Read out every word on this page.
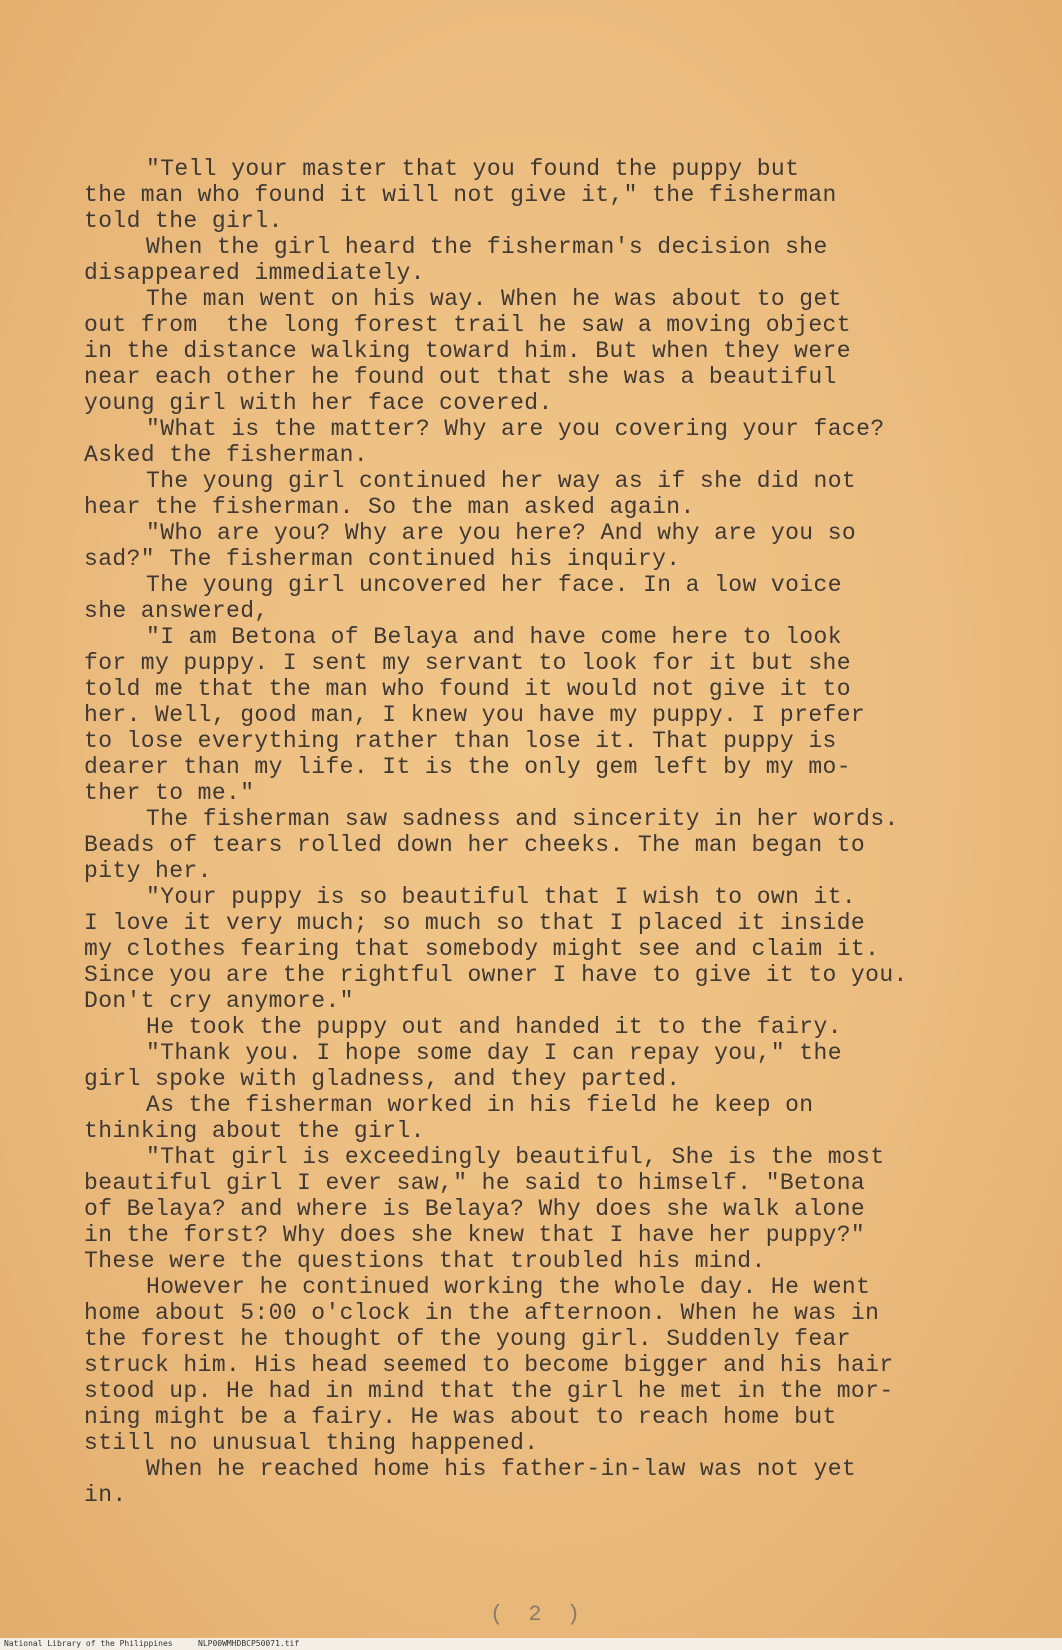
"Tell your master that you found the puppy but
the man who found it will not give it," the fisherman
told the girl.
When the girl heard the fisherman's decision she
disappeared immediately.
The man went on his way. When he was about to get
out from  the long forest trail he saw a moving object
in the distance walking toward him. But when they were
near each other he found out that she was a beautiful
young girl with her face covered.
"What is the matter? Why are you covering your face?
Asked the fisherman.
The young girl continued her way as if she did not
hear the fisherman. So the man asked again.
"Who are you? Why are you here? And why are you so
sad?" The fisherman continued his inquiry.
The young girl uncovered her face. In a low voice
she answered,
"I am Betona of Belaya and have come here to look
for my puppy. I sent my servant to look for it but she
told me that the man who found it would not give it to
her. Well, good man, I knew you have my puppy. I prefer
to lose everything rather than lose it. That puppy is
dearer than my life. It is the only gem left by my mo-
ther to me."
The fisherman saw sadness and sincerity in her words.
Beads of tears rolled down her cheeks. The man began to
pity her.
"Your puppy is so beautiful that I wish to own it.
I love it very much; so much so that I placed it inside
my clothes fearing that somebody might see and claim it.
Since you are the rightful owner I have to give it to you.
Don't cry anymore."
He took the puppy out and handed it to the fairy.
"Thank you. I hope some day I can repay you," the
girl spoke with gladness, and they parted.
As the fisherman worked in his field he keep on
thinking about the girl.
"That girl is exceedingly beautiful, She is the most
beautiful girl I ever saw," he said to himself. "Betona
of Belaya? and where is Belaya? Why does she walk alone
in the forst? Why does she knew that I have her puppy?"
These were the questions that troubled his mind.
However he continued working the whole day. He went
home about 5:00 o'clock in the afternoon. When he was in
the forest he thought of the young girl. Suddenly fear
struck him. His head seemed to become bigger and his hair
stood up. He had in mind that the girl he met in the mor-
ning might be a fairy. He was about to reach home but
still no unusual thing happened.
When he reached home his father-in-law was not yet
in.
( 2 )
National Library of the Philippines	NLP00WMHDBCP50071.tif
